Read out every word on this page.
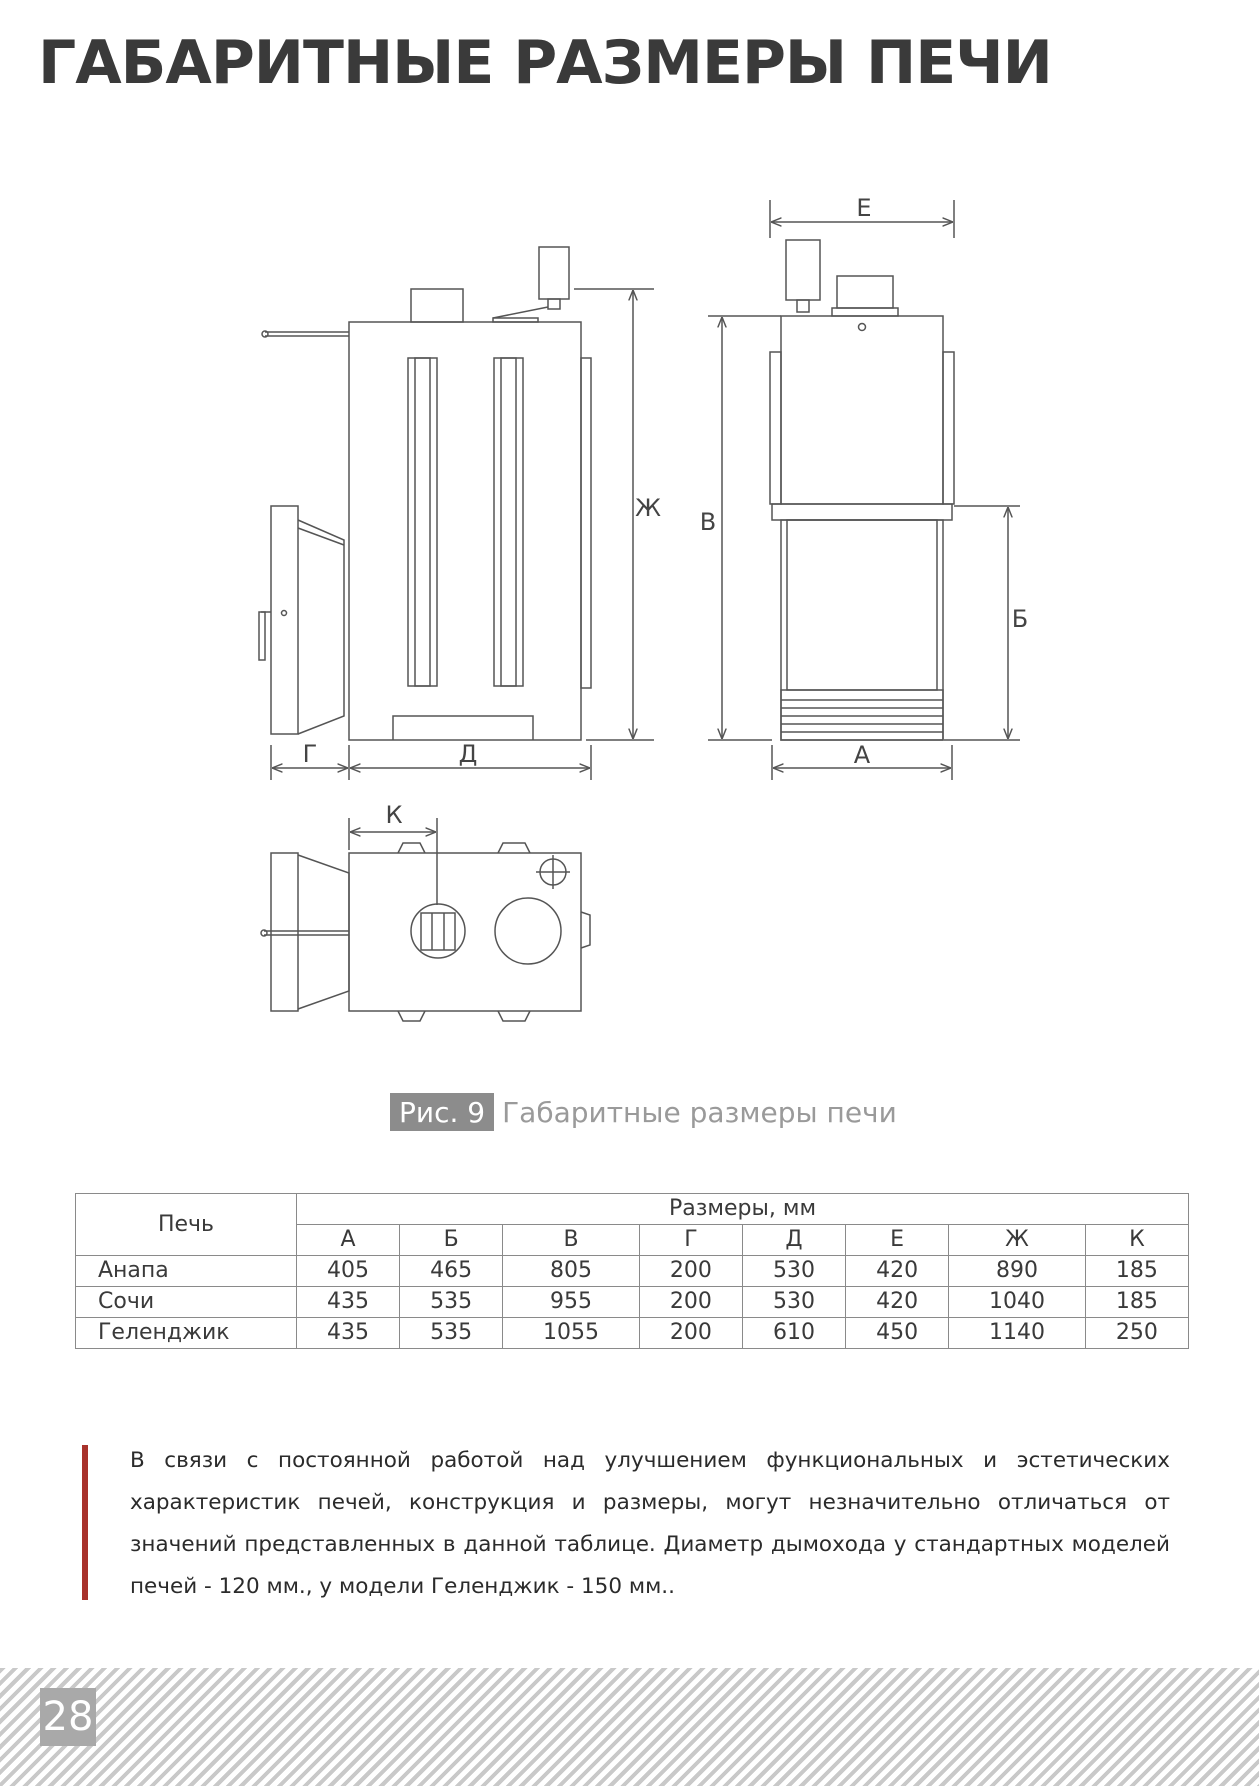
ГАБАРИТНЫЕ РАЗМЕРЫ ПЕЧИ
Г	Д
Ж
Е
В
Б
А
К
Рис. 9 Габаритные размеры печи
Печь	Размеры, мм							
	А	Б	В	Г	Д	Е	Ж	К
Анапа	405	465	805	200	530	420	890	185
Сочи	435	535	955	200	530	420	1040	185
Геленджик	435	535	1055	200	610	450	1140	250

В связи с постоянной работой над улучшением функциональных и эстетических характеристик печей, конструкция и размеры, могут незначительно отличаться от значений представленных в данной таблице. Диаметр дымохода у стандартных моделей печей - 120 мм., у модели Геленджик - 150 мм..

28
